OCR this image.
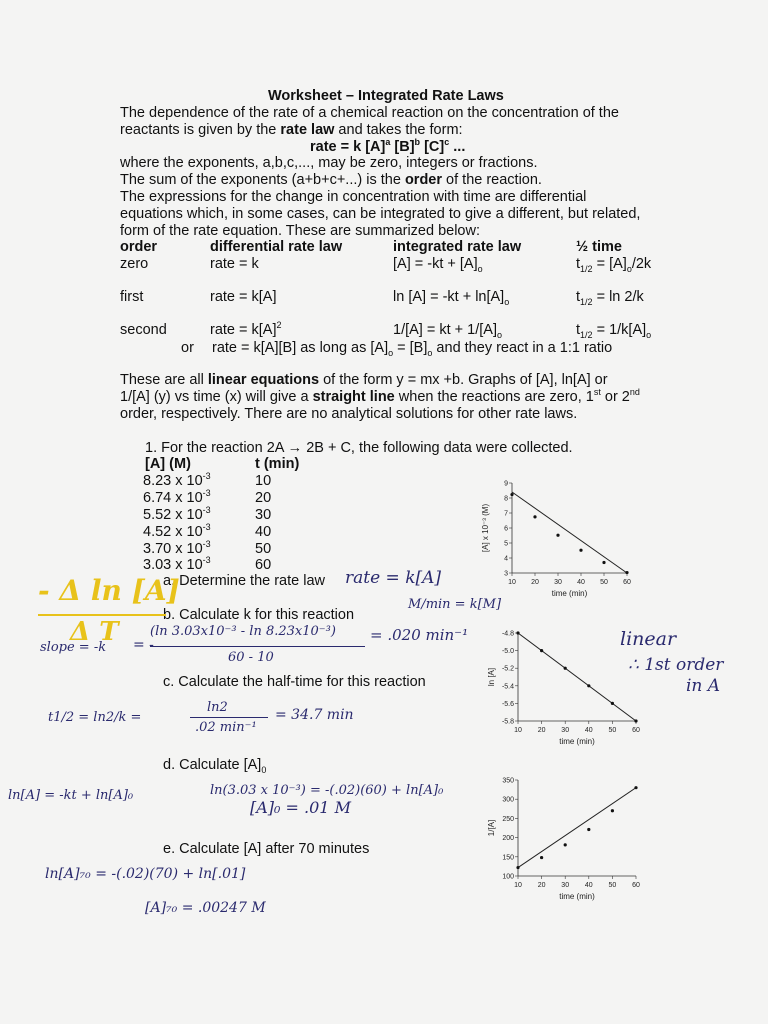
Worksheet – Integrated Rate Laws
The dependence of the rate of a chemical reaction on the concentration of the
reactants is given by the rate law and takes the form:
rate = k $[A]^a$ $[B]^b$ $[C]^c$ ...
where the exponents, a,b,c,..., may be zero, integers or fractions.
The sum of the exponents (a+b+c+...) is the order of the reaction.
The expressions for the change in concentration with time are differential
equations which, in some cases, can be integrated to give a different, but related,
form of the rate equation. These are summarized below:
order	differential rate law	integrated rate law	½ time
zero	rate = k	$[A] = -kt + [A]_o$	$t_{1/2} = [A]_o/2k$
first	rate = k[A]	$\ln [A] = -kt + \ln[A]_o$	$t_{1/2} = \ln 2/k$
second	rate = $k[A]^2$	1/[A] = kt + $1/[A]_o$	$t_{1/2} = 1/k[A]_o$
or rate = k[A][B] as long as $[A]_o = [B]_o$ and they react in a 1:1 ratio
These are all linear equations of the form y = mx +b. Graphs of [A], ln[A] or
1/[A] (y) vs time (x) will give a straight line when the reactions are zero, 1st or 2nd
order, respectively. There are no analytical solutions for other rate laws.
1. For the reaction 2A → 2B + C, the following data were collected.
[A] (M)	t (min)
8.23 x $10^{-3}$	10
6.74 x $10^{-3}$	20
5.52 x $10^{-3}$	30
4.52 x $10^{-3}$	40
3.70 x $10^{-3}$	50
3.03 x $10^{-3}$	60
a. Determine the rate law
b. Calculate k for this reaction
c. Calculate the half-time for this reaction
d. Calculate $[A]_0$
e. Calculate [A] after 70 minutes
rate = k[A]
- Δ ln [A]
Δ T
slope = -k
M/min = k[M]
= -
(ln 3.03x10⁻³ - ln 8.23x10⁻³)
60 - 10
= .020 min⁻¹	linear
∴ 1st order
in A
t1/2 = ln2/k =
ln2
.02 min⁻¹
= 34.7 min
ln[A] = -kt + ln[A]₀	ln(3.03 x 10⁻³) = -(.02)(60) + ln[A]₀
[A]₀ = .01 M
ln[A]₇₀ = -(.02)(70) + ln[.01]
[A]₇₀ = .00247 M
10 20 30 40 50 60
3
4
5
6
7
8
9
time (min)
[A] x 10⁻³ (M)
10 20 30 40 50 60
-4.8
-5.0
-5.2
-5.4
-5.6
-5.8
time (min)
ln [A]
10 20 30 40 50 60
100
150
200
250
300
350
time (min)
1/[A]
